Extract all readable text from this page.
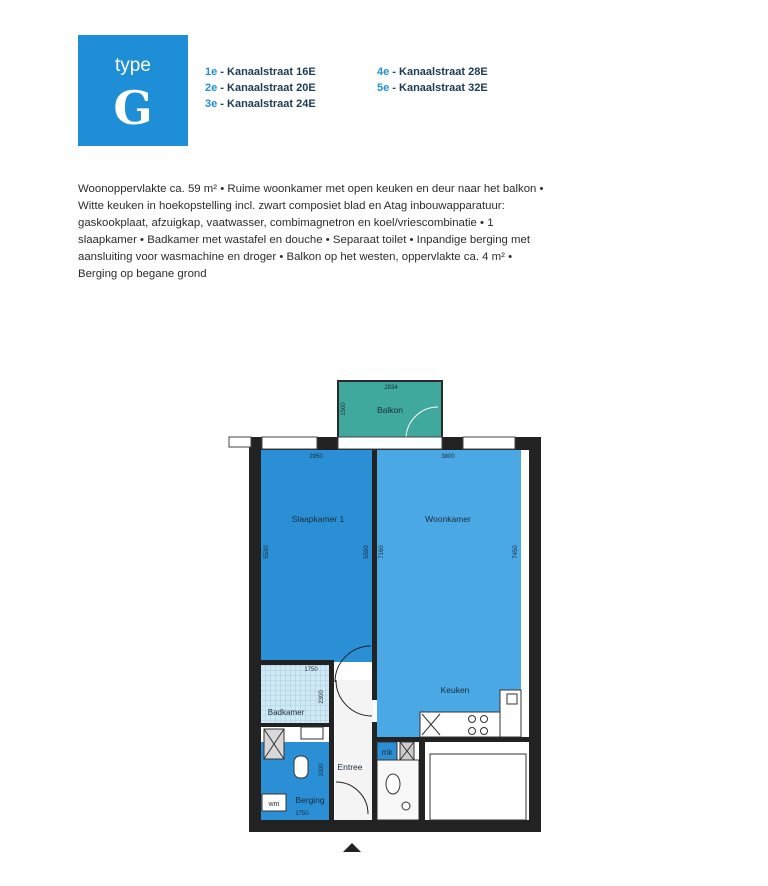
type
G
1e - Kanaalstraat 16E
2e - Kanaalstraat 20E
3e - Kanaalstraat 24E
4e - Kanaalstraat 28E
5e - Kanaalstraat 32E

Woonoppervlakte ca. 59 m² • Ruime woonkamer met open keuken en deur naar het balkon • Witte keuken in hoekopstelling incl. zwart composiet blad en Atag inbouwapparatuur: gaskookplaat, afzuigkap, vaatwasser, combimagnetron en koel/vriescombinatie • 1 slaapkamer • Badkamer met wastafel en douche • Separaat toilet • Inpandige berging met aansluiting voor wasmachine en droger • Balkon op het westen, oppervlakte ca. 4 m² • Berging op begane grond

Balkon
Slaapkamer 1	Woonkamer
Keuken
Badkamer
Entree
Berging
mk
wm
2834
1500
2950	3800
5530	5590 7160	7450
1750
2300
1000
1750
